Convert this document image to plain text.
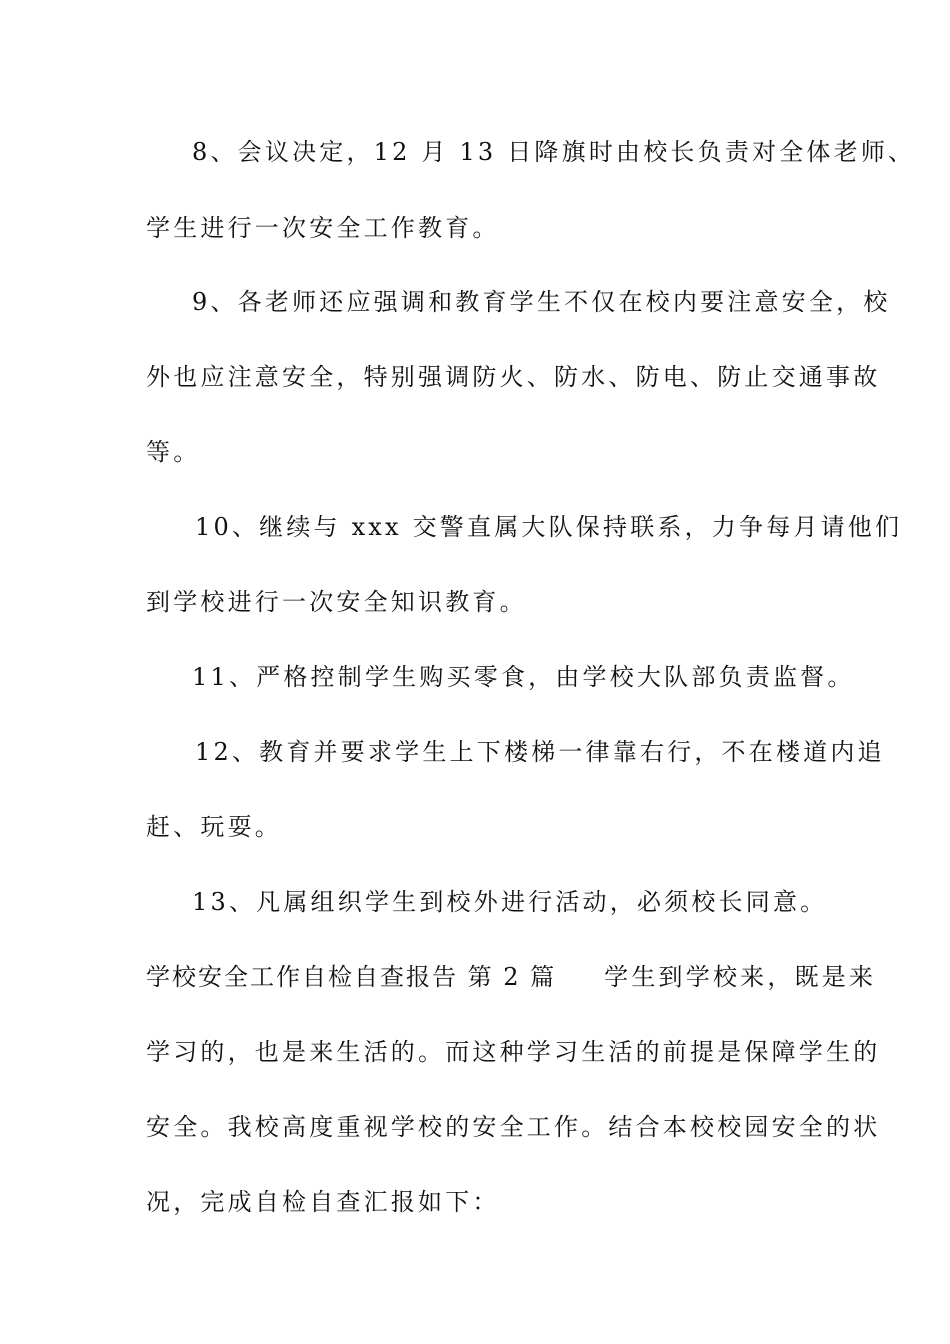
8、会议决定，12 月 13 日降旗时由校长负责对全体老师、
学生进行一次安全工作教育。
9、各老师还应强调和教育学生不仅在校内要注意安全，校
外也应注意安全，特别强调防火、防水、防电、防止交通事故
等。
10、继续与 xxx 交警直属大队保持联系，力争每月请他们
到学校进行一次安全知识教育。
11、严格控制学生购买零食，由学校大队部负责监督。
12、教育并要求学生上下楼梯一律靠右行，不在楼道内追
赶、玩耍。
13、凡属组织学生到校外进行活动，必须校长同意。
学校安全工作自检自查报告 第 2 篇 学生到学校来，既是来
学习的，也是来生活的。而这种学习生活的前提是保障学生的
安全。我校高度重视学校的安全工作。结合本校校园安全的状
况，完成自检自查汇报如下：
